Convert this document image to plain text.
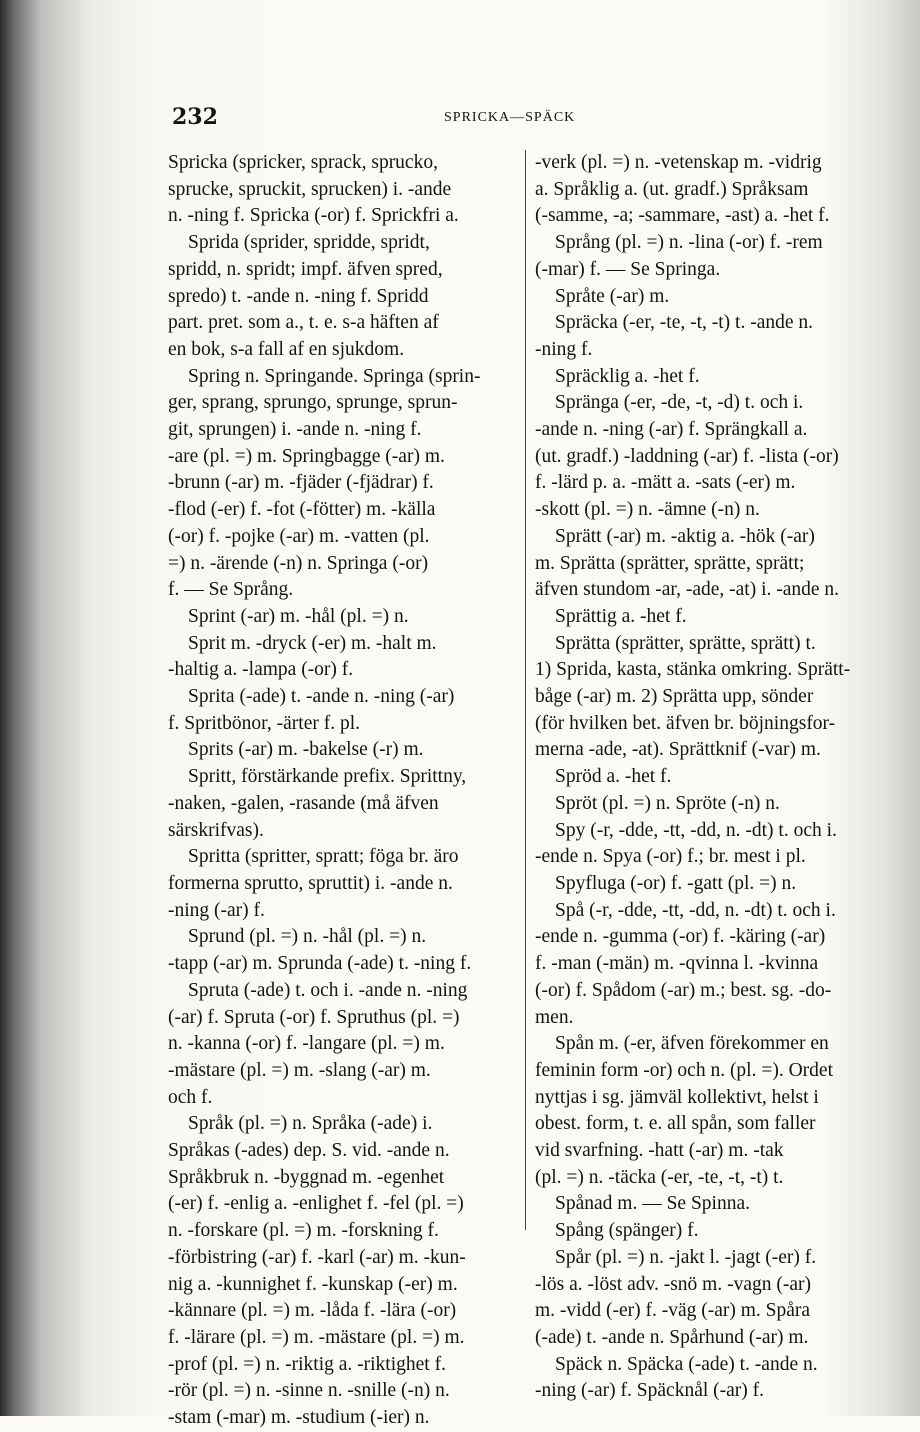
232	SPRICKA—SPÄCK
Spricka (spricker, sprack, sprucko,
sprucke, spruckit, sprucken) i. -ande
n. -ning f. Spricka (-or) f. Sprickfri a.
Sprida (sprider, spridde, spridt,
spridd, n. spridt; impf. äfven spred,
spredo) t. -ande n. -ning f. Spridd
part. pret. som a., t. e. s-a häften af
en bok, s-a fall af en sjukdom.
Spring n. Springande. Springa (sprin-
ger, sprang, sprungo, sprunge, sprun-
git, sprungen) i. -ande n. -ning f.
-are (pl. =) m. Springbagge (-ar) m.
-brunn (-ar) m. -fjäder (-fjädrar) f.
-flod (-er) f. -fot (-fötter) m. -källa
(-or) f. -pojke (-ar) m. -vatten (pl.
=) n. -ärende (-n) n. Springa (-or)
f. — Se Språng.
Sprint (-ar) m. -hål (pl. =) n.
Sprit m. -dryck (-er) m. -halt m.
-haltig a. -lampa (-or) f.
Sprita (-ade) t. -ande n. -ning (-ar)
f. Spritbönor, -ärter f. pl.
Sprits (-ar) m. -bakelse (-r) m.
Spritt, förstärkande prefix. Sprittny,
-naken, -galen, -rasande (må äfven
särskrifvas).
Spritta (spritter, spratt; föga br. äro
formerna sprutto, spruttit) i. -ande n.
-ning (-ar) f.
Sprund (pl. =) n. -hål (pl. =) n.
-tapp (-ar) m. Sprunda (-ade) t. -ning f.
Spruta (-ade) t. och i. -ande n. -ning
(-ar) f. Spruta (-or) f. Spruthus (pl. =)
n. -kanna (-or) f. -langare (pl. =) m.
-mästare (pl. =) m. -slang (-ar) m.
och f.
Språk (pl. =) n. Språka (-ade) i.
Språkas (-ades) dep. S. vid. -ande n.
Språkbruk n. -byggnad m. -egenhet
(-er) f. -enlig a. -enlighet f. -fel (pl. =)
n. -forskare (pl. =) m. -forskning f.
-förbistring (-ar) f. -karl (-ar) m. -kun-
nig a. -kunnighet f. -kunskap (-er) m.
-kännare (pl. =) m. -låda f. -lära (-or)
f. -lärare (pl. =) m. -mästare (pl. =) m.
-prof (pl. =) n. -riktig a. -riktighet f.
-rör (pl. =) n. -sinne n. -snille (-n) n.
-stam (-mar) m. -studium (-ier) n.
-verk (pl. =) n. -vetenskap m. -vidrig
a. Språklig a. (ut. gradf.) Språksam
(-samme, -a; -sammare, -ast) a. -het f.
Språng (pl. =) n. -lina (-or) f. -rem
(-mar) f. — Se Springa.
Språte (-ar) m.
Spräcka (-er, -te, -t, -t) t. -ande n.
-ning f.
Spräcklig a. -het f.
Spränga (-er, -de, -t, -d) t. och i.
-ande n. -ning (-ar) f. Sprängkall a.
(ut. gradf.) -laddning (-ar) f. -lista (-or)
f. -lärd p. a. -mätt a. -sats (-er) m.
-skott (pl. =) n. -ämne (-n) n.
Sprätt (-ar) m. -aktig a. -hök (-ar)
m. Sprätta (sprätter, sprätte, sprätt;
äfven stundom -ar, -ade, -at) i. -ande n.
Sprättig a. -het f.
Sprätta (sprätter, sprätte, sprätt) t.
1) Sprida, kasta, stänka omkring. Sprätt-
båge (-ar) m. 2) Sprätta upp, sönder
(för hvilken bet. äfven br. böjningsfor-
merna -ade, -at). Sprättknif (-var) m.
Spröd a. -het f.
Spröt (pl. =) n. Spröte (-n) n.
Spy (-r, -dde, -tt, -dd, n. -dt) t. och i.
-ende n. Spya (-or) f.; br. mest i pl.
Spyfluga (-or) f. -gatt (pl. =) n.
Spå (-r, -dde, -tt, -dd, n. -dt) t. och i.
-ende n. -gumma (-or) f. -käring (-ar)
f. -man (-män) m. -qvinna l. -kvinna
(-or) f. Spådom (-ar) m.; best. sg. -do-
men.
Spån m. (-er, äfven förekommer en
feminin form -or) och n. (pl. =). Ordet
nyttjas i sg. jämväl kollektivt, helst i
obest. form, t. e. all spån, som faller
vid svarfning. -hatt (-ar) m. -tak
(pl. =) n. -täcka (-er, -te, -t, -t) t.
Spånad m. — Se Spinna.
Spång (spänger) f.
Spår (pl. =) n. -jakt l. -jagt (-er) f.
-lös a. -löst adv. -snö m. -vagn (-ar)
m. -vidd (-er) f. -väg (-ar) m. Spåra
(-ade) t. -ande n. Spårhund (-ar) m.
Späck n. Späcka (-ade) t. -ande n.
-ning (-ar) f. Späcknål (-ar) f.
